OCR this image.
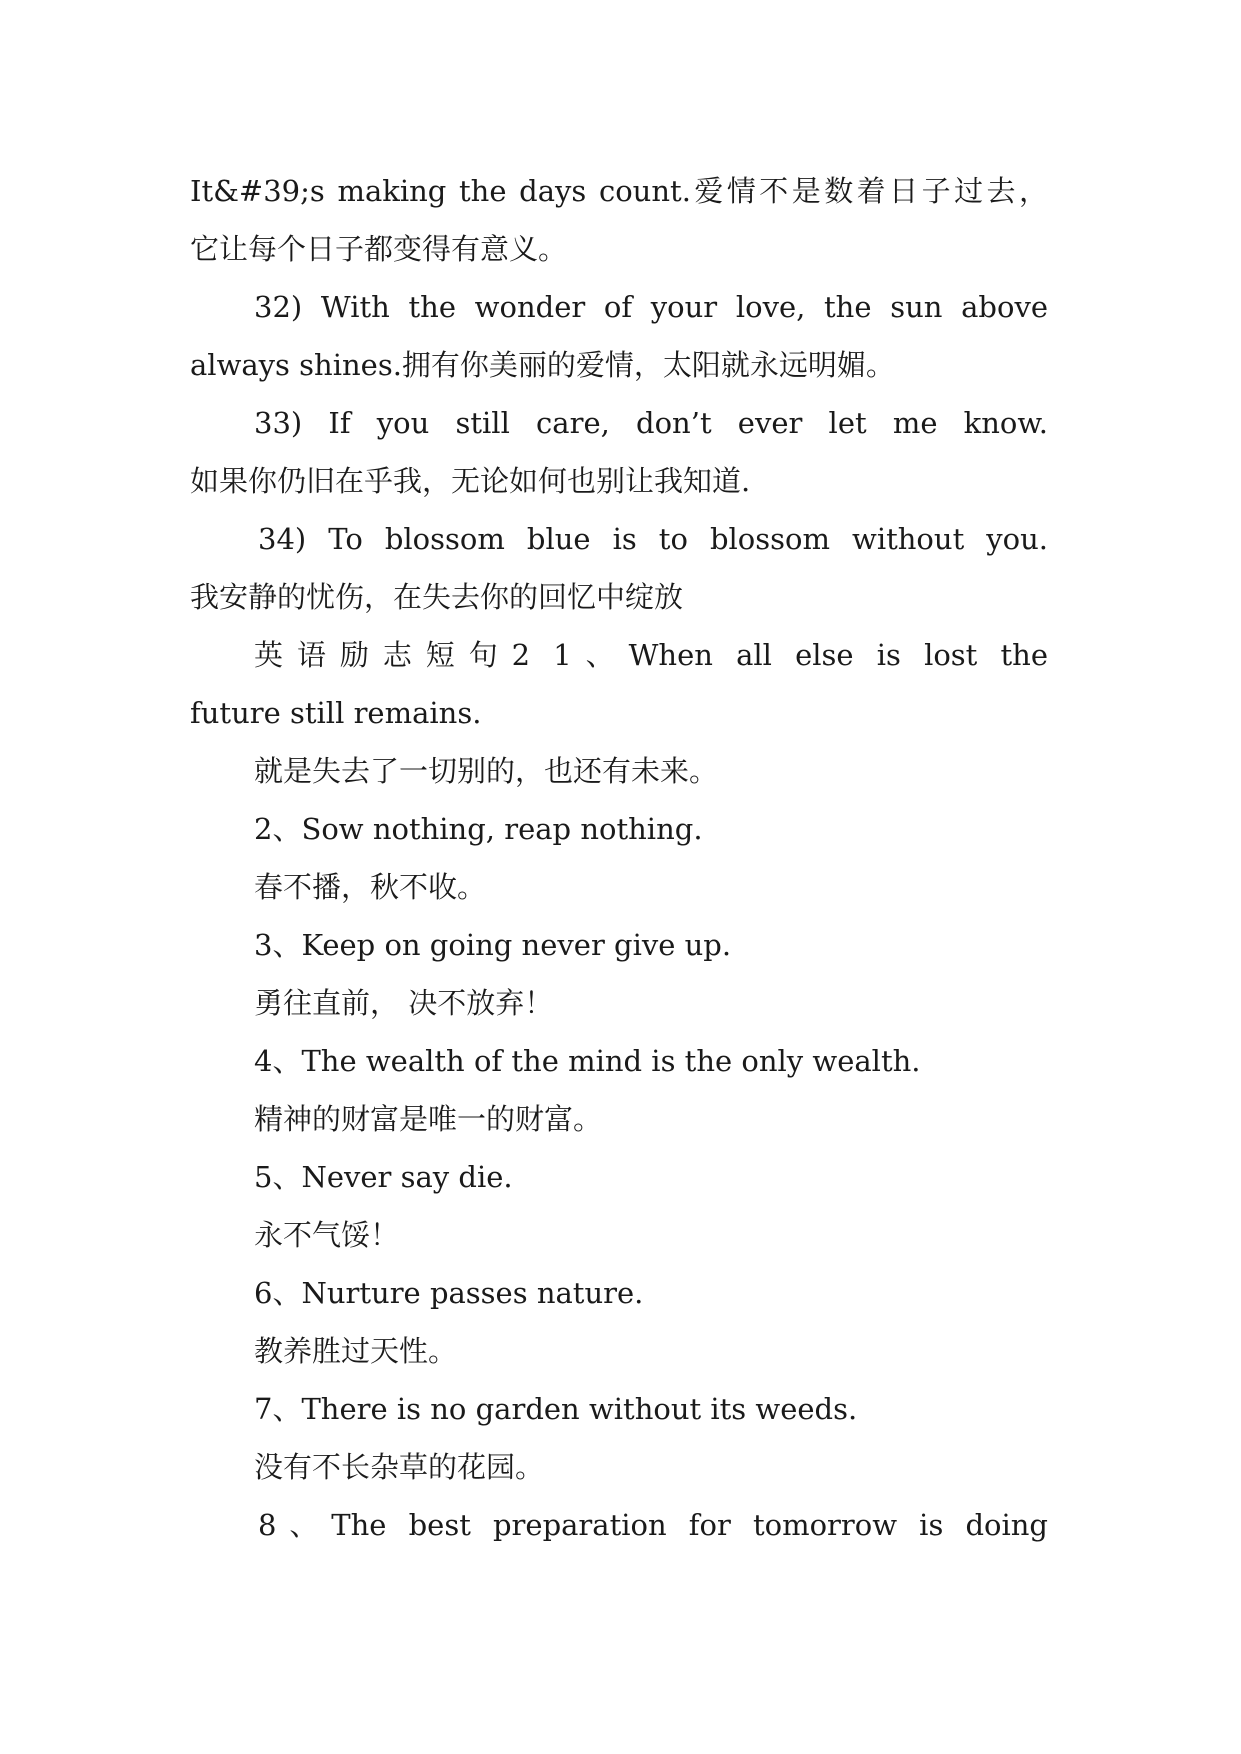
It&#39;s making the days count.爱情不是数着日子过去，
它让每个日子都变得有意义。
32) With the wonder of your love, the sun above
always shines.拥有你美丽的爱情，太阳就永远明媚。
33) If you still care, don’t ever let me know.
如果你仍旧在乎我，无论如何也别让我知道.
34) To blossom blue is to blossom without you.
我安静的忧伤，在失去你的回忆中绽放
英语励志短句2 1、When all else is lost the
future still remains.
就是失去了一切别的，也还有未来。
2、Sow nothing, reap nothing.
春不播，秋不收。
3、Keep on going never give up.
勇往直前， 决不放弃！
4、The wealth of the mind is the only wealth.
精神的财富是唯一的财富。
5、Never say die.
永不气馁！
6、Nurture passes nature.
教养胜过天性。
7、There is no garden without its weeds.
没有不长杂草的花园。
8、The best preparation for tomorrow is doing
